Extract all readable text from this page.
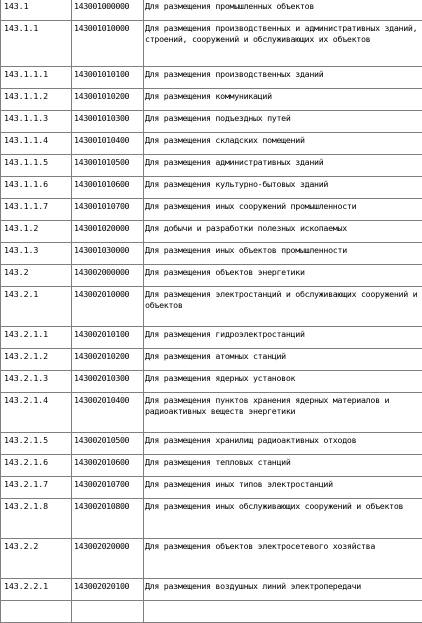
143.1	143001000000	Для размещения промышленных объектов
143.1.1	143001010000	Для размещения производственных и административных зданий, строений, сооружений и обслуживающих их объектов
143.1.1.1	143001010100	Для размещения производственных зданий
143.1.1.2	143001010200	Для размещения коммуникаций
143.1.1.3	143001010300	Для размещения подъездных путей
143.1.1.4	143001010400	Для размещения складских помещений
143.1.1.5	143001010500	Для размещения административных зданий
143.1.1.6	143001010600	Для размещения культурно-бытовых зданий
143.1.1.7	143001010700	Для размещения иных сооружений промышленности
143.1.2	143001020000	Для добычи и разработки полезных ископаемых
143.1.3	143001030000	Для размещения иных объектов промышленности
143.2	143002000000	Для размещения объектов энергетики
143.2.1	143002010000	Для размещения электростанций и обслуживающих сооружений и объектов
143.2.1.1	143002010100	Для размещения гидроэлектростанций
143.2.1.2	143002010200	Для размещения атомных станций
143.2.1.3	143002010300	Для размещения ядерных установок
143.2.1.4	143002010400	Для размещения пунктов хранения ядерных материалов и радиоактивных веществ энергетики
143.2.1.5	143002010500	Для размещения хранилищ радиоактивных отходов
143.2.1.6	143002010600	Для размещения тепловых станций
143.2.1.7	143002010700	Для размещения иных типов электростанций
143.2.1.8	143002010800	Для размещения иных обслуживающих сооружений и объектов
143.2.2	143002020000	Для размещения объектов электросетевого хозяйства
143.2.2.1	143002020100	Для размещения воздушных линий электропередачи
